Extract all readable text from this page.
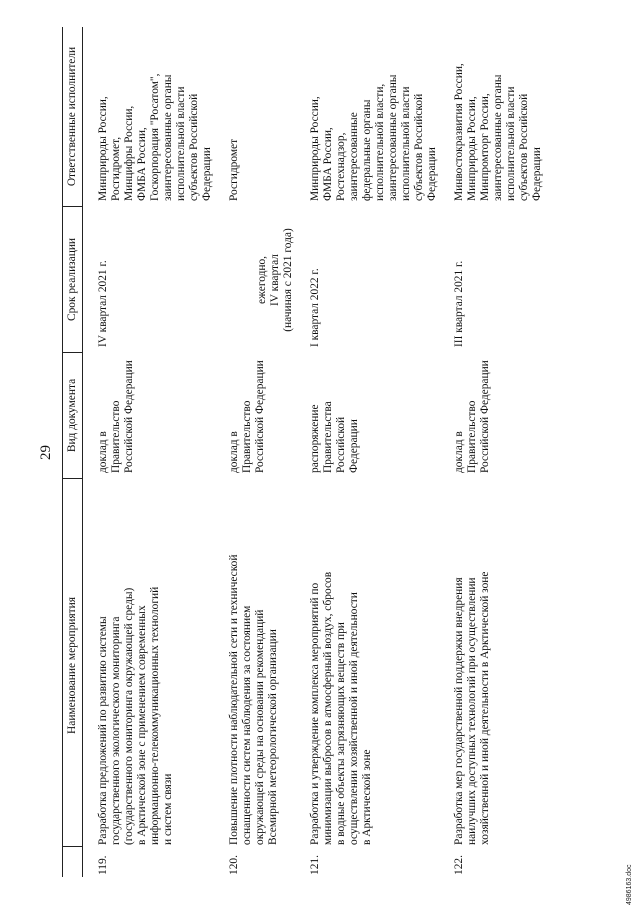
29
Наименование мероприятия
Вид документа
Срок реализации
Ответственные исполнители
119.
Разработка предложений по развитию системы
государственного экологического мониторинга
(государственного мониторинга окружающей среды)
в Арктической зоне с применением современных
информационно-телекоммуникационных технологий
и систем связи
доклад в Правительство
Российской Федерации
IV квартал 2021 г.
Минприроды России,
Росгидромет,
Минцифры России,
ФМБА России,
Госкорпорация "Росатом",
заинтересованные органы
исполнительной власти
субъектов Российской
Федерации
120.
Повышение плотности наблюдательной сети и технической
оснащенности систем наблюдения за состоянием
окружающей среды на основании рекомендаций
Всемирной метеорологической организации
доклад в Правительство
Российской Федерации
ежегодно,
IV квартал
(начиная с 2021 года)
Росгидромет
121.
Разработка и утверждение комплекса мероприятий по
минимизации выбросов в атмосферный воздух, сбросов
в водные объекты загрязняющих веществ при
осуществлении хозяйственной и иной деятельности
в Арктической зоне
распоряжение
Правительства Российской
Федерации
I квартал 2022 г.
Минприроды России,
ФМБА России,
Ростехнадзор,
заинтересованные
федеральные органы
исполнительной власти,
заинтересованные органы
исполнительной власти
субъектов Российской
Федерации
122.
Разработка мер государственной поддержки внедрения
наилучших доступных технологий при осуществлении
хозяйственной и иной деятельности в Арктической зоне
доклад в Правительство
Российской Федерации
III квартал 2021 г.
Минвостокразвития России,
Минприроды России,
Минпромторг России,
заинтересованные органы
исполнительной власти
субъектов Российской
Федерации
4986163.doc
